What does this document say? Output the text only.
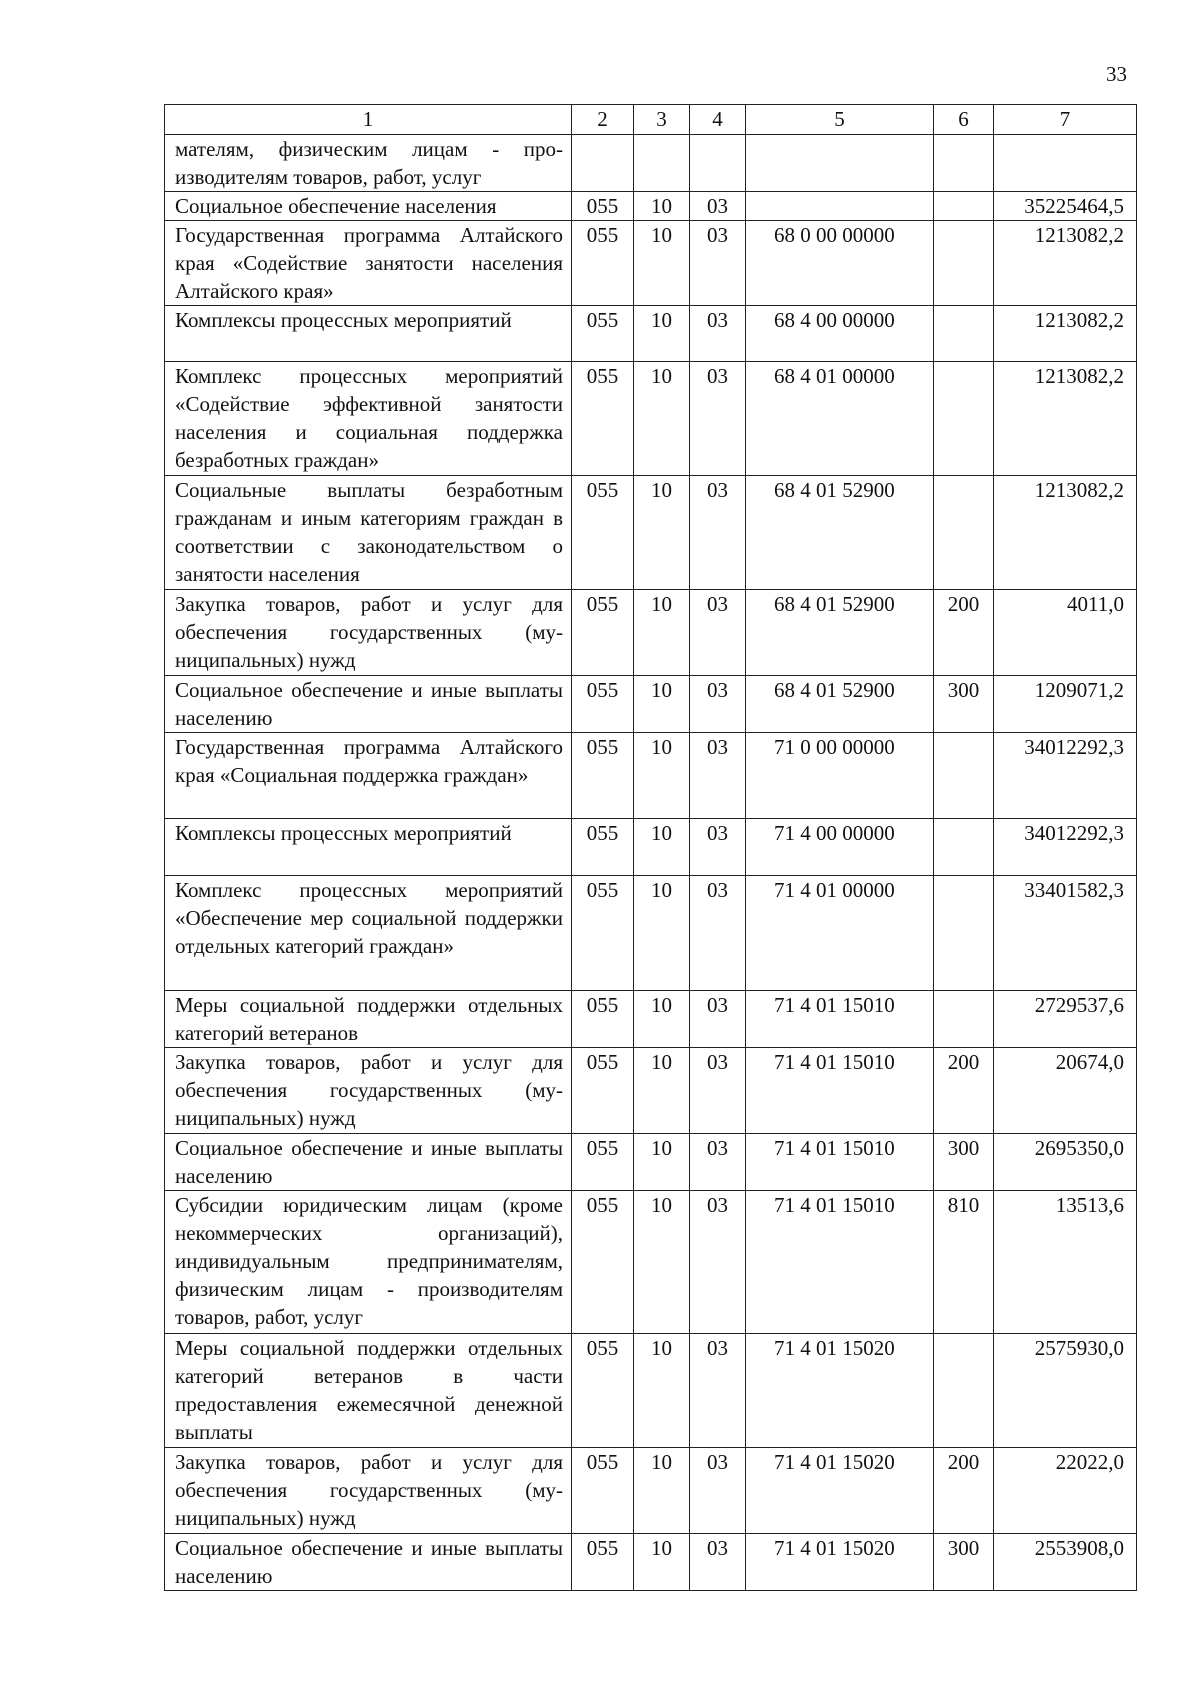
33
1	2	3	4	5	6	7
мателям, физическим лицам - производителям товаров, работ, услуг						
Социальное обеспечение населения	055	10	03			35225464,5
Государственная программа Алтайского края «Содействие занятости населения Алтайского края»	055	10	03	68 0 00 00000		1213082,2
Комплексы процессных мероприятий	055	10	03	68 4 00 00000		1213082,2
Комплекс процессных мероприятий «Содействие эффективной занятости населения и социальная поддержка безработных граждан»	055	10	03	68 4 01 00000		1213082,2
Социальные выплаты безработным гражданам и иным категориям граждан в соответствии с законодательством о занятости населения	055	10	03	68 4 01 52900		1213082,2
Закупка товаров, работ и услуг для обеспечения государственных (муниципальных) нужд	055	10	03	68 4 01 52900	200	4011,0
Социальное обеспечение и иные выплаты населению	055	10	03	68 4 01 52900	300	1209071,2
Государственная программа Алтайского края «Социальная поддержка граждан»	055	10	03	71 0 00 00000		34012292,3
Комплексы процессных мероприятий	055	10	03	71 4 00 00000		34012292,3
Комплекс процессных мероприятий «Обеспечение мер социальной поддержки отдельных категорий граждан»	055	10	03	71 4 01 00000		33401582,3
Меры социальной поддержки отдельных категорий ветеранов	055	10	03	71 4 01 15010		2729537,6
Закупка товаров, работ и услуг для обеспечения государственных (муниципальных) нужд	055	10	03	71 4 01 15010	200	20674,0
Социальное обеспечение и иные выплаты населению	055	10	03	71 4 01 15010	300	2695350,0
Субсидии юридическим лицам (кроме некоммерческих организаций), индивидуальным предпринимателям, физическим лицам - производителям товаров, работ, услуг	055	10	03	71 4 01 15010	810	13513,6
Меры социальной поддержки отдельных категорий ветеранов в части предоставления ежемесячной денежной выплаты	055	10	03	71 4 01 15020		2575930,0
Закупка товаров, работ и услуг для обеспечения государственных (муниципальных) нужд	055	10	03	71 4 01 15020	200	22022,0
Социальное обеспечение и иные выплаты населению	055	10	03	71 4 01 15020	300	2553908,0
